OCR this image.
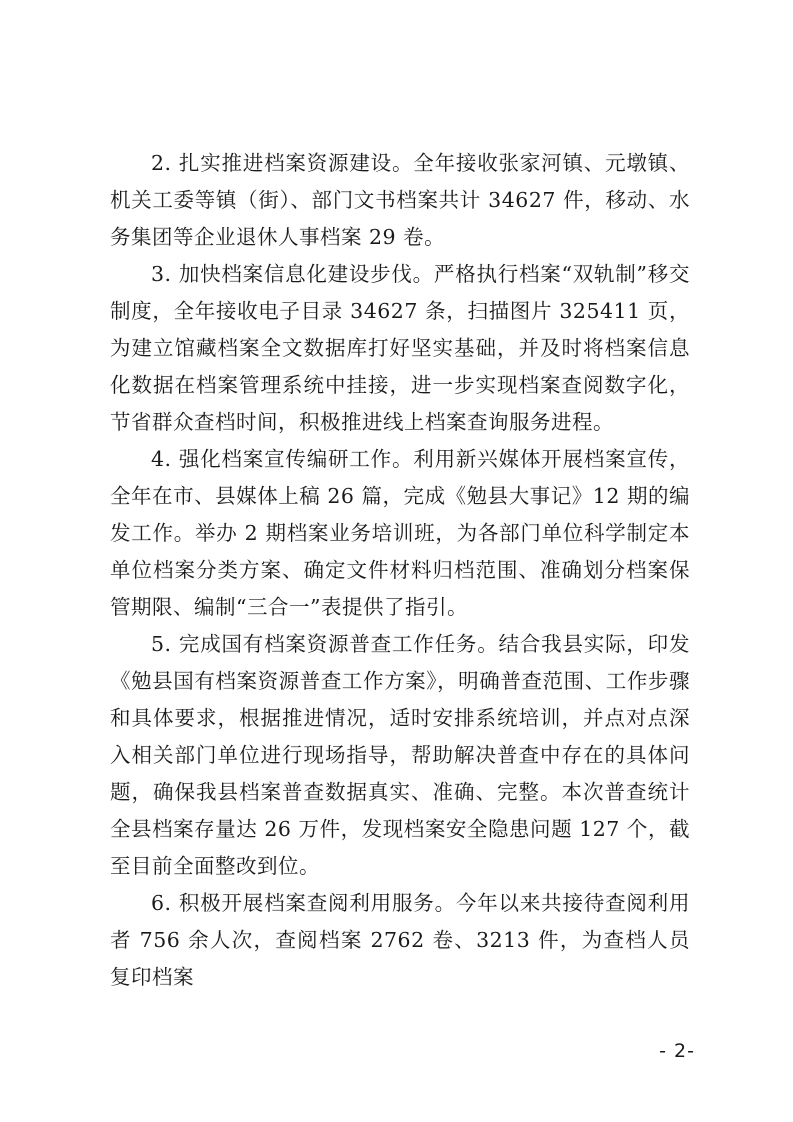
2. 扎实推进档案资源建设。全年接收张家河镇、元墩镇、机关工委等镇（街）、部门文书档案共计 34627 件，移动、水务集团等企业退休人事档案 29 卷。

3. 加快档案信息化建设步伐。严格执行档案“双轨制”移交制度，全年接收电子目录 34627 条，扫描图片 325411 页，为建立馆藏档案全文数据库打好坚实基础，并及时将档案信息化数据在档案管理系统中挂接，进一步实现档案查阅数字化，节省群众查档时间，积极推进线上档案查询服务进程。

4. 强化档案宣传编研工作。利用新兴媒体开展档案宣传，全年在市、县媒体上稿 26 篇，完成《勉县大事记》12 期的编发工作。举办 2 期档案业务培训班，为各部门单位科学制定本单位档案分类方案、确定文件材料归档范围、准确划分档案保管期限、编制“三合一”表提供了指引。

5. 完成国有档案资源普查工作任务。结合我县实际，印发《勉县国有档案资源普查工作方案》，明确普查范围、工作步骤和具体要求，根据推进情况，适时安排系统培训，并点对点深入相关部门单位进行现场指导，帮助解决普查中存在的具体问题，确保我县档案普查数据真实、准确、完整。本次普查统计全县档案存量达 26 万件，发现档案安全隐患问题 127 个，截至目前全面整改到位。

6. 积极开展档案查阅利用服务。今年以来共接待查阅利用者 756 余人次，查阅档案 2762 卷、3213 件，为查档人员复印档案

- 2-
